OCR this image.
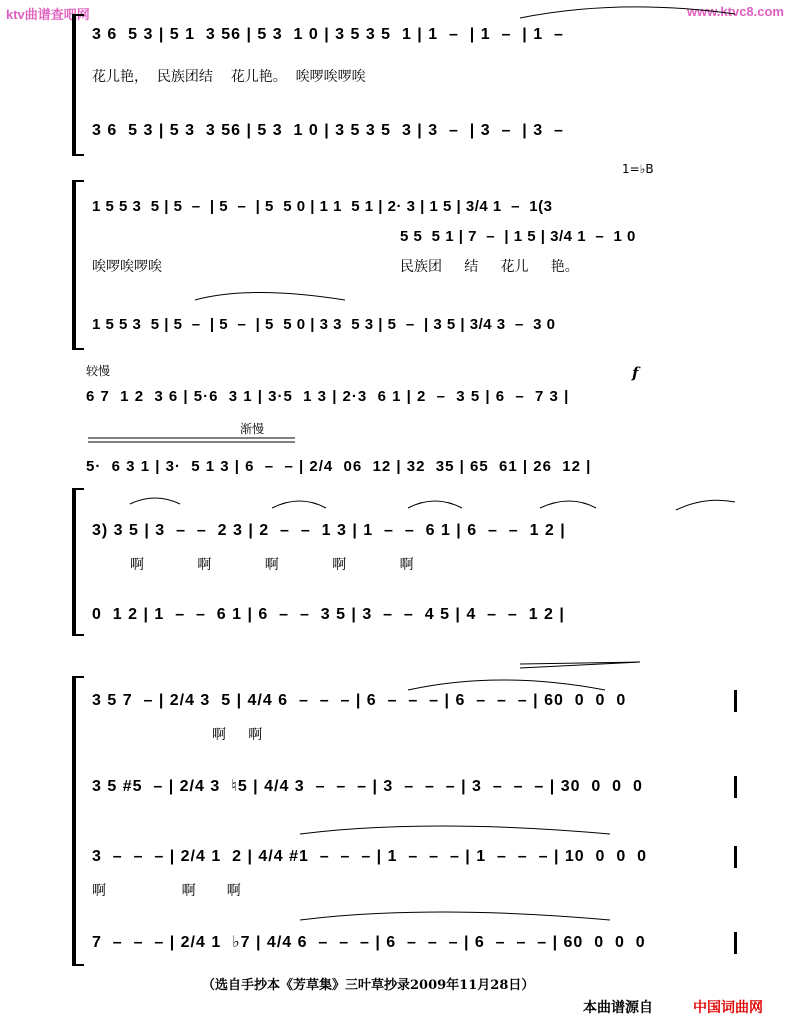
ktv曲谱查吧网	www.ktvc8.com
3 6  5 3 | 5 1  3 56 | 5 3  1 0 | 3 5 3 5  1 | 1  –  | 1  –  | 1  –
花儿艳，  民族团结    花儿艳。  唉啰唉啰唉
3 6  5 3 | 5 3  3 56 | 5 3  1 0 | 3 5 3 5  3 | 3  –  | 3  –  | 3  –
1=♭B
1 5 5 3  5 | 5  –  | 5  –  | 5  5 0 | 1 1  5 1 | 2· 3 | 1 5 | 3/4 1  –  1(3
5 5  5 1 | 7  –  | 1 5 | 3/4 1  –  1 0
唉啰唉啰唉	民族团     结     花儿     艳。
1 5 5 3  5 | 5  –  | 5  –  | 5  5 0 | 3 3  5 3 | 5  –  | 3 5 | 3/4 3  –  3 0
较慢	f
6 7  1 2  3 6 | 5·6  3 1 | 3·5  1 3 | 2·3  6 1 | 2  –  3 5 | 6  –  7 3 |
渐慢
5·  6 3 1 | 3·  5 1 3 | 6  –  – | 2/4  06  12 | 32  35 | 65  61 | 26  12 |
3) 3 5 | 3  –  –  2 3 | 2  –  –  1 3 | 1  –  –  6 1 | 6  –  –  1 2 |
啊            啊            啊            啊            啊
0  1 2 | 1  –  –  6 1 | 6  –  –  3 5 | 3  –  –  4 5 | 4  –  –  1 2 |
3 5 7  – | 2/4 3  5 | 4/4 6  –  –  – | 6  –  –  – | 6  –  –  – | 60  0  0  0
啊     啊
3 5 #5  – | 2/4 3  ♮5 | 4/4 3  –  –  – | 3  –  –  – | 3  –  –  – | 30  0  0  0
3  –  –  – | 2/4 1  2 | 4/4 #1  –  –  – | 1  –  –  – | 1  –  –  – | 10  0  0  0
啊                 啊       啊
7  –  –  – | 2/4 1  ♭7 | 4/4 6  –  –  – | 6  –  –  – | 6  –  –  – | 60  0  0  0
（选自手抄本《芳草集》三叶草抄录2009年11月28日）
本曲谱源自	中国词曲网
